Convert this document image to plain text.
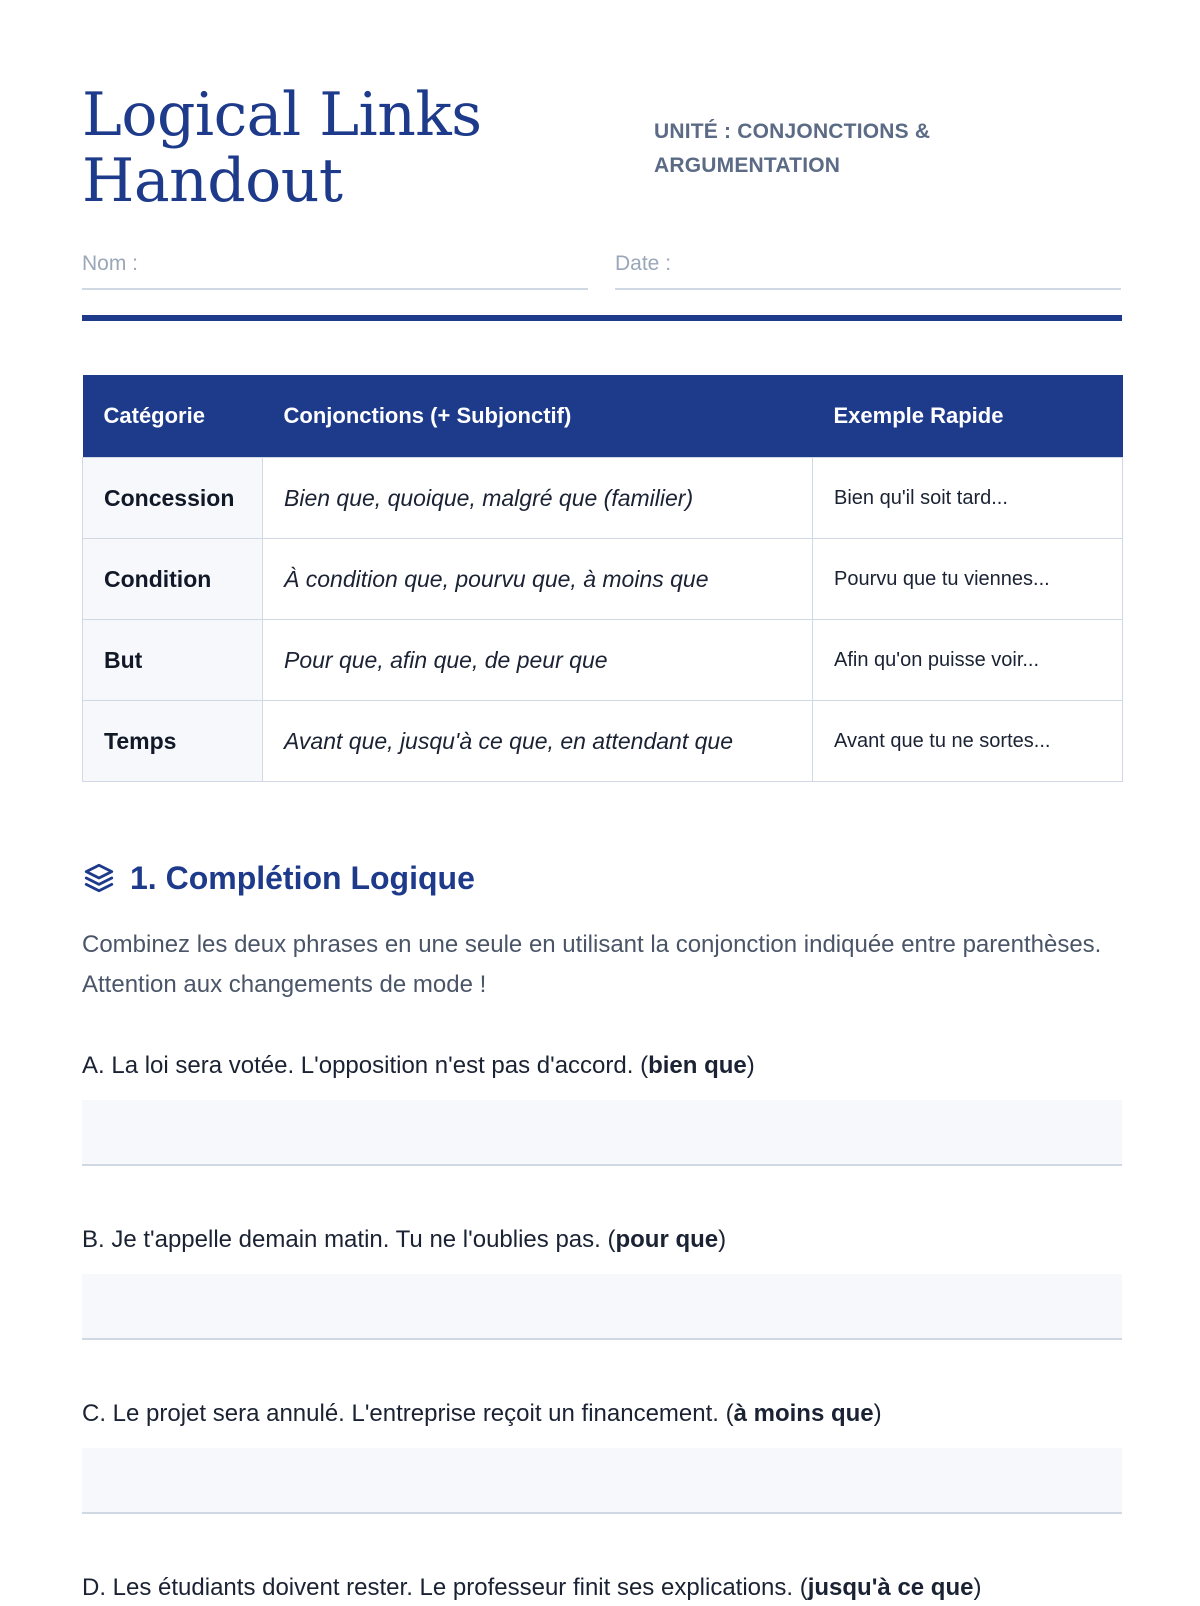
Logical Links
Handout
UNITÉ : CONJONCTIONS &
ARGUMENTATION
Nom :	Date :
Catégorie	Conjonctions (+ Subjonctif)	Exemple Rapide
Concession	Bien que, quoique, malgré que (familier)	Bien qu'il soit tard...
Condition	À condition que, pourvu que, à moins que	Pourvu que tu viennes...
But	Pour que, afin que, de peur que	Afin qu'on puisse voir...
Temps	Avant que, jusqu'à ce que, en attendant que	Avant que tu ne sortes...
1. Complétion Logique

Combinez les deux phrases en une seule en utilisant la conjonction indiquée entre parenthèses. Attention aux changements de mode !

A. La loi sera votée. L'opposition n'est pas d'accord. (bien que)
B. Je t'appelle demain matin. Tu ne l'oublies pas. (pour que)
C. Le projet sera annulé. L'entreprise reçoit un financement. (à moins que)
D. Les étudiants doivent rester. Le professeur finit ses explications. (jusqu'à ce que)
